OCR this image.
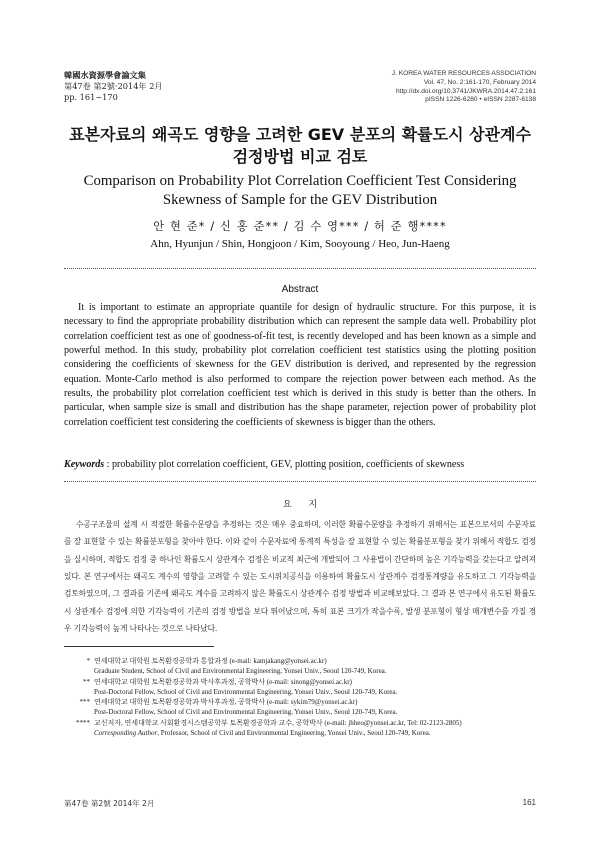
韓國水資源學會論文集
第47卷 第2號·2014年 2月
pp. 161~170
J. KOREA WATER RESOURCES ASSOCIATION
Vol. 47, No. 2:161-170, February 2014
http://dx.doi.org/10.3741/JKWRA.2014.47.2.161
pISSN 1226-6280 • eISSN 2287-6138
표본자료의 왜곡도 영향을 고려한 GEV 분포의 확률도시 상관계수
검정방법 비교 검토
Comparison on Probability Plot Correlation Coefficient Test Considering
Skewness of Sample for the GEV Distribution
안 현 준* / 신 홍 준** / 김 수 영*** / 허 준 행****
Ahn, Hyunjun / Shin, Hongjoon / Kim, Sooyoung / Heo, Jun-Haeng
Abstract
It is important to estimate an appropriate quantile for design of hydraulic structure. For this purpose, it is necessary to find the appropriate probability distribution which can represent the sample data well. Probability plot correlation coefficient test as one of goodness-of-fit test, is recently developed and has been known as a simple and powerful method. In this study, probability plot correlation coefficient test statistics using the plotting position considering the coefficients of skewness for the GEV distribution is derived, and represented by the regression equation. Monte-Carlo method is also performed to compare the rejection power between each method. As the results, the probability plot correlation coefficient test which is derived in this study is better than the others. In particular, when sample size is small and distribution has the shape parameter, rejection power of probability plot correlation coefficient test considering the coefficients of skewness is bigger than the others.
Keywords : probability plot correlation coefficient, GEV, plotting position, coefficients of skewness
요 지
수공구조물의 설계 시 적절한 확률수문량을 추정하는 것은 매우 중요하며, 이러한 확률수문량을 추정하기 위해서는 표본으로서의 수문자료를 잘 표현할 수 있는 확률분포형을 찾아야 한다. 이와 같이 수문자료에 통계적 특성을 잘 표현할 수 있는 확률분포형을 찾기 위해서 적합도 검정을 실시하며, 적합도 검정 중 하나인 확률도시 상관계수 검정은 비교적 최근에 개발되어 그 사용법이 간단하며 높은 기각능력을 갖는다고 알려져 있다. 본 연구에서는 왜곡도 계수의 영향을 고려할 수 있는 도시위치공식을 이용하여 확률도시 상관계수 검정통계량을 유도하고 그 기각능력을 검토하였으며, 그 결과를 기존에 왜곡도 계수를 고려하지 않은 확률도시 상관계수 검정 방법과 비교해보았다. 그 결과 본 연구에서 유도된 확률도시 상관계수 검정에 의한 기각능력이 기존의 검정 방법을 보다 뛰어났으며, 특히 표본 크기가 작을수록, 발생 분포형이 형상 매개변수를 가질 경우 기각능력이 높게 나타나는 것으로 나타났다.
* 연세대학교 대학원 토목환경공학과 통합과정 (e-mail: kamjakang@yonsei.ac.kr)
Graduate Student, School of Civil and Environmental Engineering, Yonsei Univ., Seoul 120-749, Korea.
** 연세대학교 대학원 토목환경공학과 박사후과정, 공학박사 (e-mail: sinong@yonsei.ac.kr)
Post-Doctoral Fellow, School of Civil and Environmental Engineering, Yonsei Univ., Seoul 120-749, Korea.
*** 연세대학교 대학원 토목환경공학과 박사후과정, 공학박사 (e-mail: sykim79@yonsei.ac.kr)
Post-Doctoral Fellow, School of Civil and Environmental Engineering, Yonsei Univ., Seoul 120-749, Korea.
**** 교신저자, 연세대학교 사회환경시스템공학부 토목환경공학과 교수, 공학박사 (e-mail: jhheo@yonsei.ac.kr, Tel: 02-2123-2805)
Corresponding Author, Professor, School of Civil and Environmental Engineering, Yonsei Univ., Seoul 120-749, Korea.
第47卷 第2號 2014年 2月	161
